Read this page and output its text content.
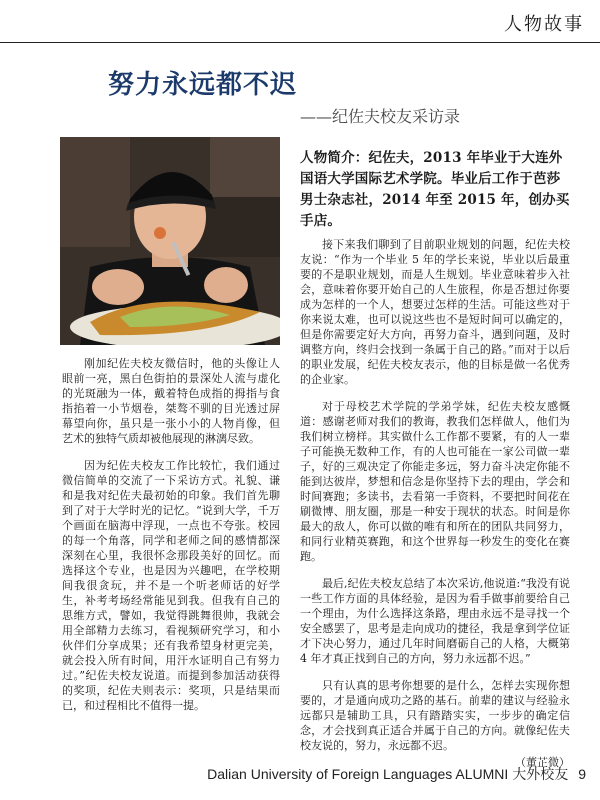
人物故事
努力永远都不迟
——纪佐夫校友采访录
人物简介：纪佐夫，2013 年毕业于大连外国语大学国际艺术学院。毕业后工作于芭莎男士杂志社，2014 年至 2015 年，创办买手店。

刚加纪佐夫校友微信时，他的头像让人眼前一亮，黑白色街拍的景深处人流与虚化的光斑融为一体，戴着特色成指的拇指与食指掐着一小节烟卷，桀骜不驯的目光透过屏幕望向你，虽只是一张小小的人物肖像，但艺术的独特气质却被他展现的淋漓尽致。

因为纪佐夫校友工作比较忙，我们通过微信简单的交流了一下采访方式。礼貌、谦和是我对纪佐夫最初始的印象。我们首先聊到了对于大学时光的记忆。“说到大学，千万个画面在脑海中浮现，一点也不夸张。校园的每一个角落，同学和老师之间的感情都深深刻在心里，我很怀念那段美好的回忆。而选择这个专业，也是因为兴趣吧，在学校期间我很贪玩，并不是一个听老师话的好学生，补考考场经常能见到我。但我有自己的思维方式，譬如，我觉得跳舞很帅，我就会用全部精力去练习，看视频研究学习，和小伙伴们分享成果；还有我希望身材更完美，就会投入所有时间，用汗水证明自己有努力过。”纪佐夫校友说道。而提到参加活动获得的奖项，纪佐夫则表示：奖项，只是结果而已，和过程相比不值得一提。

接下来我们聊到了目前职业规划的问题，纪佐夫校友说：“作为一个毕业 5 年的学长来说，毕业以后最重要的不是职业规划，而是人生规划。毕业意味着步入社会，意味着你要开始自己的人生旅程，你是否想过你要成为怎样的一个人，想要过怎样的生活。可能这些对于你来说太难，也可以说这些也不是短时间可以确定的，但是你需要定好大方向，再努力奋斗，遇到问题，及时调整方向，终归会找到一条属于自己的路。”而对于以后的职业发展，纪佐夫校友表示，他的目标是做一名优秀的企业家。

对于母校艺术学院的学弟学妹，纪佐夫校友感慨道：感谢老师对我们的教诲，教我们怎样做人，他们为我们树立榜样。其实做什么工作都不要紧，有的人一辈子可能换无数种工作，有的人也可能在一家公司做一辈子，好的三观决定了你能走多远，努力奋斗决定你能不能到达彼岸，梦想和信念是你坚持下去的理由，学会和时间赛跑；多读书，去看第一手资料，不要把时间花在刷微博、朋友圈，那是一种安于现状的状态。时间是你最大的敌人，你可以做的唯有和所在的团队共同努力，和同行业精英赛跑，和这个世界每一秒发生的变化在赛跑。

最后,纪佐夫校友总结了本次采访,他说道:“我没有说一些工作方面的具体经验，是因为看手做事前要给自己一个理由，为什么选择这条路，理由永远不是寻找一个安全感罢了，思考是走向成功的捷径，我是拿到学位证才下决心努力，通过几年时间磨砺自己的人格，大概第 4 年才真正找到自己的方向，努力永远都不迟。”

只有认真的思考你想要的是什么，怎样去实现你想要的，才是通向成功之路的基石。前辈的建议与经验永远都只是辅助工具，只有踏踏实实，一步步的确定信念，才会找到真正适合并属于自己的方向。就像纪佐夫校友说的，努力，永远都不迟。

（董芷微）
Dalian University of Foreign Languages ALUMNI 大外校友 9
